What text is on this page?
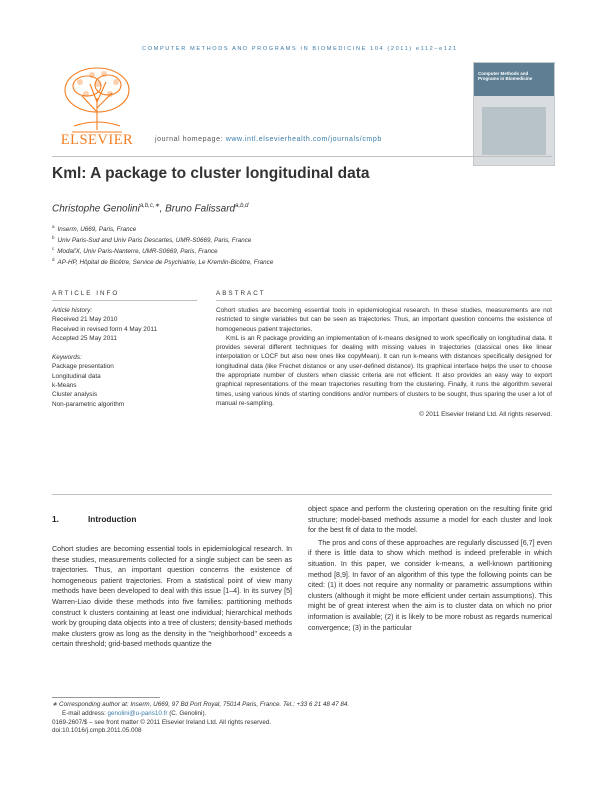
COMPUTER METHODS AND PROGRAMS IN BIOMEDICINE 104 (2011) e112–e121
ELSEVIER	journal homepage: www.intl.elsevierhealth.com/journals/cmpb
Computer Methods and Programs in Biomedicine
Kml: A package to cluster longitudinal data
Christophe Genolini$^{a,b,c,∗}$, Bruno Falissard$^{a,b,d}$
$^a$ Inserm, U669, Paris, France
$^b$ Univ Paris-Sud and Univ Paris Descartes, UMR-S0669, Paris, France
$^c$ Modal'X, Univ Paris-Nanterre, UMR-S0669, Paris, France
$^d$ AP-HP, Hôpital de Bicêtre, Service de Psychiatrie, Le Kremlin-Bicêtre, France
ARTICLE INFO	ABSTRACT
Article history:
Received 21 May 2010
Received in revised form 4 May 2011
Accepted 25 May 2011
Keywords:
Package presentation
Longitudinal data
k-Means
Cluster analysis
Non-parametric algorithm

Cohort studies are becoming essential tools in epidemiological research. In these studies, measurements are not restricted to single variables but can be seen as trajectories. Thus, an important question concerns the existence of homogeneous patient trajectories.

KmL is an R package providing an implementation of k-means designed to work specifically on longitudinal data. It provides several different techniques for dealing with missing values in trajectories (classical ones like linear interpolation or LOCF but also new ones like copyMean). It can run k-means with distances specifically designed for longitudinal data (like Frechet distance or any user-defined distance). Its graphical interface helps the user to choose the appropriate number of clusters when classic criteria are not efficient. It also provides an easy way to export graphical representations of the mean trajectories resulting from the clustering. Finally, it runs the algorithm several times, using various kinds of starting conditions and/or numbers of clusters to be sought, thus sparing the user a lot of manual re-sampling.

© 2011 Elsevier Ireland Ltd. All rights reserved.

1.	Introduction

Cohort studies are becoming essential tools in epidemiological research. In these studies, measurements collected for a single subject can be seen as trajectories. Thus, an important question concerns the existence of homogeneous patient trajectories. From a statistical point of view many methods have been developed to deal with this issue [1–4]. In its survey [5] Warren-Liao divide these methods into five families: partitioning methods construct k clusters containing at least one individual; hierarchical methods work by grouping data objects into a tree of clusters; density-based methods make clusters grow as long as the density in the "neighborhood" exceeds a certain threshold; grid-based methods quantize the

object space and perform the clustering operation on the resulting finite grid structure; model-based methods assume a model for each cluster and look for the best fit of data to the model.

The pros and cons of these approaches are regularly discussed [6,7] even if there is little data to show which method is indeed preferable in which situation. In this paper, we consider k-means, a well-known partitioning method [8,9]. In favor of an algorithm of this type the following points can be cited: (1) it does not require any normality or parametric assumptions within clusters (although it might be more efficient under certain assumptions). This might be of great interest when the aim is to cluster data on which no prior information is available; (2) it is likely to be more robust as regards numerical convergence; (3) in the particular

∗ Corresponding author at: Inserm, U669, 97 Bd Port Royal, 75014 Paris, France. Tel.: +33 6 21 48 47 84.
E-mail address: genolini@u-paris10.fr (C. Genolini).
0169-2607/$ – see front matter © 2011 Elsevier Ireland Ltd. All rights reserved.
doi:10.1016/j.cmpb.2011.05.008
